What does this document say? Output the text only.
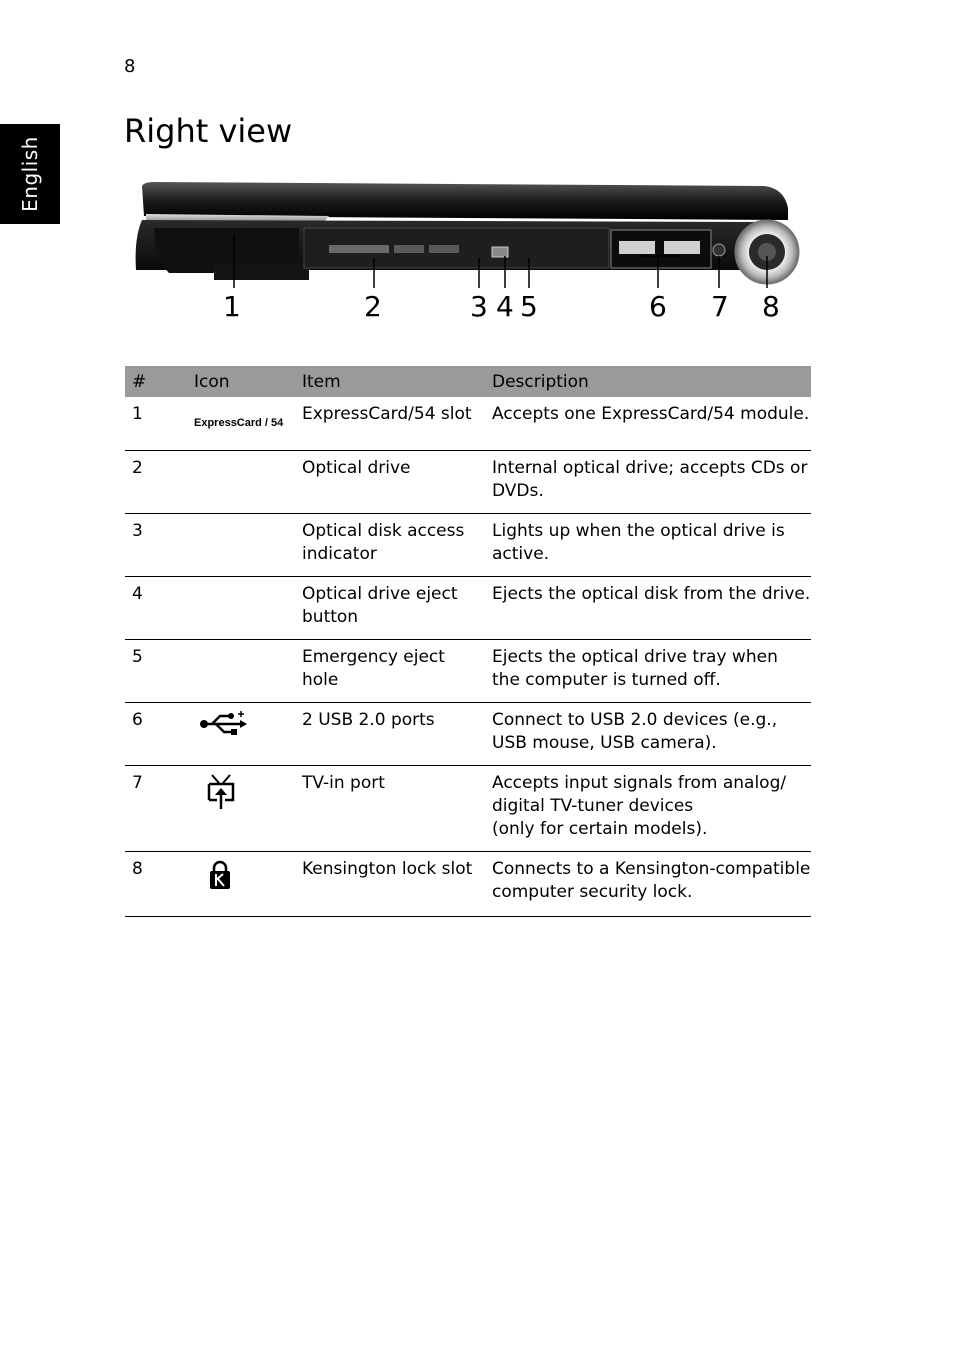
8
English
Right view
1	2	3 4 5	6 7 8
#	Icon	Item	Description
1	ExpressCard / 54	ExpressCard/54 slot	Accepts one ExpressCard/54 module.
2		Optical drive	Internal optical drive; accepts CDs or DVDs.
3		Optical disk access indicator	Lights up when the optical drive is active.
4		Optical drive eject button	Ejects the optical disk from the drive.
5		Emergency eject hole	Ejects the optical drive tray when the computer is turned off.
6		2 USB 2.0 ports	Connect to USB 2.0 devices (e.g., USB mouse, USB camera).
7		TV-in port	Accepts input signals from analog/ digital TV-tuner devices
(only for certain models).

8		Kensington lock slot	Connects to a Kensington-compatible computer security lock.
